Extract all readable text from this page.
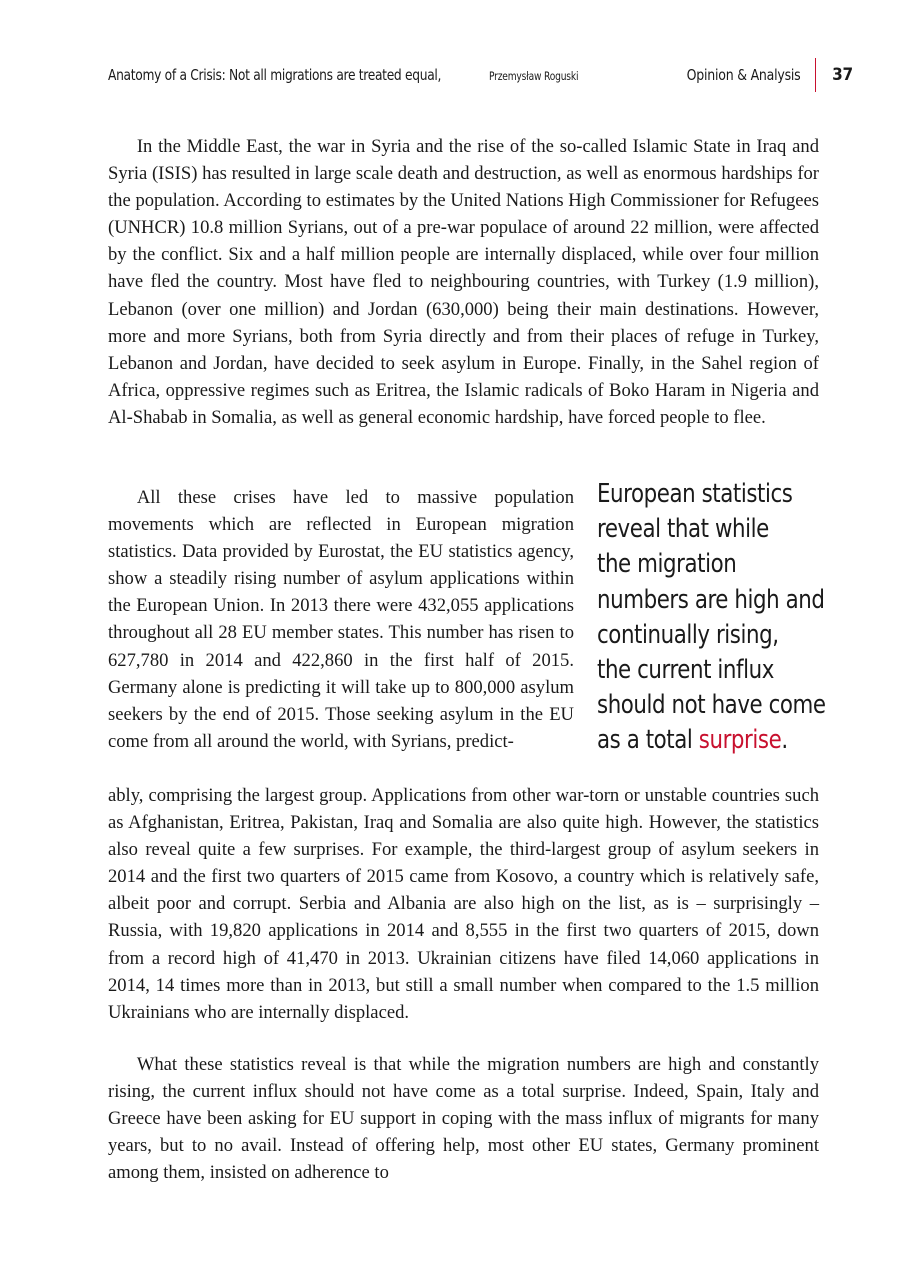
Anatomy of a Crisis: Not all migrations are treated equal,	Przemysław Roguski	Opinion & Analysis 37
In the Middle East, the war in Syria and the rise of the so-called Islamic State in Iraq and Syria (ISIS) has resulted in large scale death and destruction, as well as enormous hardships for the population. According to estimates by the United Nations High Commissioner for Refugees (UNHCR) 10.8 million Syrians, out of a pre-war populace of around 22 million, were affected by the conflict. Six and a half million people are internally displaced, while over four million have fled the country. Most have fled to neighbouring countries, with Turkey (1.9 million), Lebanon (over one million) and Jordan (630,000) being their main destinations. However, more and more Syrians, both from Syria directly and from their places of refuge in Turkey, Lebanon and Jordan, have decided to seek asylum in Europe. Finally, in the Sahel region of Africa, oppressive regimes such as Eritrea, the Islamic radicals of Boko Haram in Nigeria and Al-Shabab in Somalia, as well as general economic hardship, have forced people to flee.
All these crises have led to massive population movements which are reflected in European migration statistics. Data provided by Eurostat, the EU statistics agency, show a steadily rising number of asylum applications within the European Union. In 2013 there were 432,055 applications throughout all 28 EU member states. This number has risen to 627,780 in 2014 and 422,860 in the first half of 2015. Germany alone is predicting it will take up to 800,000 asylum seekers by the end of 2015. Those seeking asylum in the EU come from all around the world, with Syrians, predict-
ably, comprising the largest group. Applications from other war-torn or unstable countries such as Afghanistan, Eritrea, Pakistan, Iraq and Somalia are also quite high. However, the statistics also reveal quite a few surprises. For example, the third-largest group of asylum seekers in 2014 and the first two quarters of 2015 came from Kosovo, a country which is relatively safe, albeit poor and corrupt. Serbia and Albania are also high on the list, as is – surprisingly – Russia, with 19,820 applications in 2014 and 8,555 in the first two quarters of 2015, down from a record high of 41,470 in 2013. Ukrainian citizens have filed 14,060 applications in 2014, 14 times more than in 2013, but still a small number when compared to the 1.5 million Ukrainians who are internally displaced.
What these statistics reveal is that while the migration numbers are high and constantly rising, the current influx should not have come as a total surprise. Indeed, Spain, Italy and Greece have been asking for EU support in coping with the mass influx of migrants for many years, but to no avail. Instead of offering help, most other EU states, Germany prominent among them, insisted on adherence to
European statistics
reveal that while
the migration
numbers are high and
continually rising,
the current influx
should not have come
as a total surprise.
